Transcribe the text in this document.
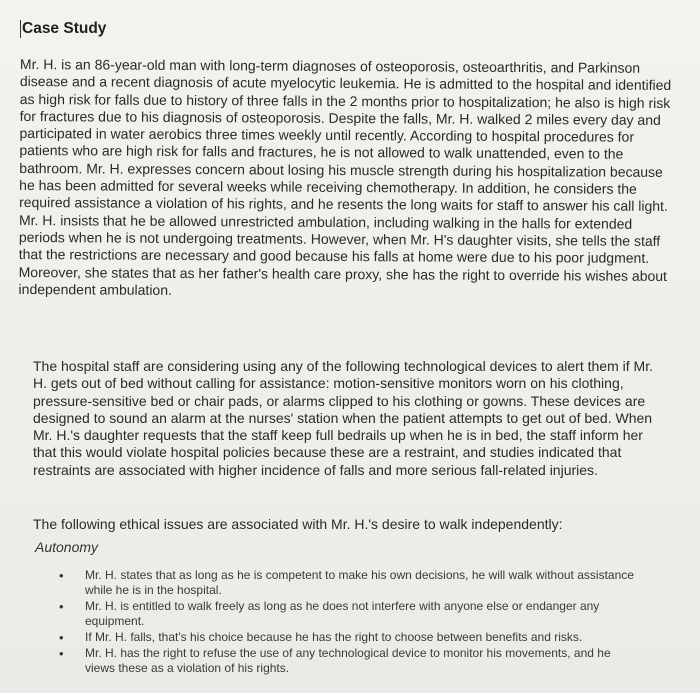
Case Study

Mr. H. is an 86-year-old man with long-term diagnoses of osteoporosis, osteoarthritis, and Parkinson disease and a recent diagnosis of acute myelocytic leukemia. He is admitted to the hospital and identified as high risk for falls due to history of three falls in the 2 months prior to hospitalization; he also is high risk for fractures due to his diagnosis of osteoporosis. Despite the falls, Mr. H. walked 2 miles every day and participated in water aerobics three times weekly until recently. According to hospital procedures for patients who are high risk for falls and fractures, he is not allowed to walk unattended, even to the bathroom. Mr. H. expresses concern about losing his muscle strength during his hospitalization because he has been admitted for several weeks while receiving chemotherapy. In addition, he considers the required assistance a violation of his rights, and he resents the long waits for staff to answer his call light. Mr. H. insists that he be allowed unrestricted ambulation, including walking in the halls for extended periods when he is not undergoing treatments. However, when Mr. H's daughter visits, she tells the staff that the restrictions are necessary and good because his falls at home were due to his poor judgment. Moreover, she states that as her father's health care proxy, she has the right to override his wishes about independent ambulation.

The hospital staff are considering using any of the following technological devices to alert them if Mr. H. gets out of bed without calling for assistance: motion-sensitive monitors worn on his clothing, pressure-sensitive bed or chair pads, or alarms clipped to his clothing or gowns. These devices are designed to sound an alarm at the nurses' station when the patient attempts to get out of bed. When Mr. H.'s daughter requests that the staff keep full bedrails up when he is in bed, the staff inform her that this would violate hospital policies because these are a restraint, and studies indicated that restraints are associated with higher incidence of falls and more serious fall-related injuries.

The following ethical issues are associated with Mr. H.'s desire to walk independently:

Autonomy
• Mr. H. states that as long as he is competent to make his own decisions, he will walk without assistance while he is in the hospital.
• Mr. H. is entitled to walk freely as long as he does not interfere with anyone else or endanger any equipment.
• If Mr. H. falls, that's his choice because he has the right to choose between benefits and risks.
• Mr. H. has the right to refuse the use of any technological device to monitor his movements, and he views these as a violation of his rights.
